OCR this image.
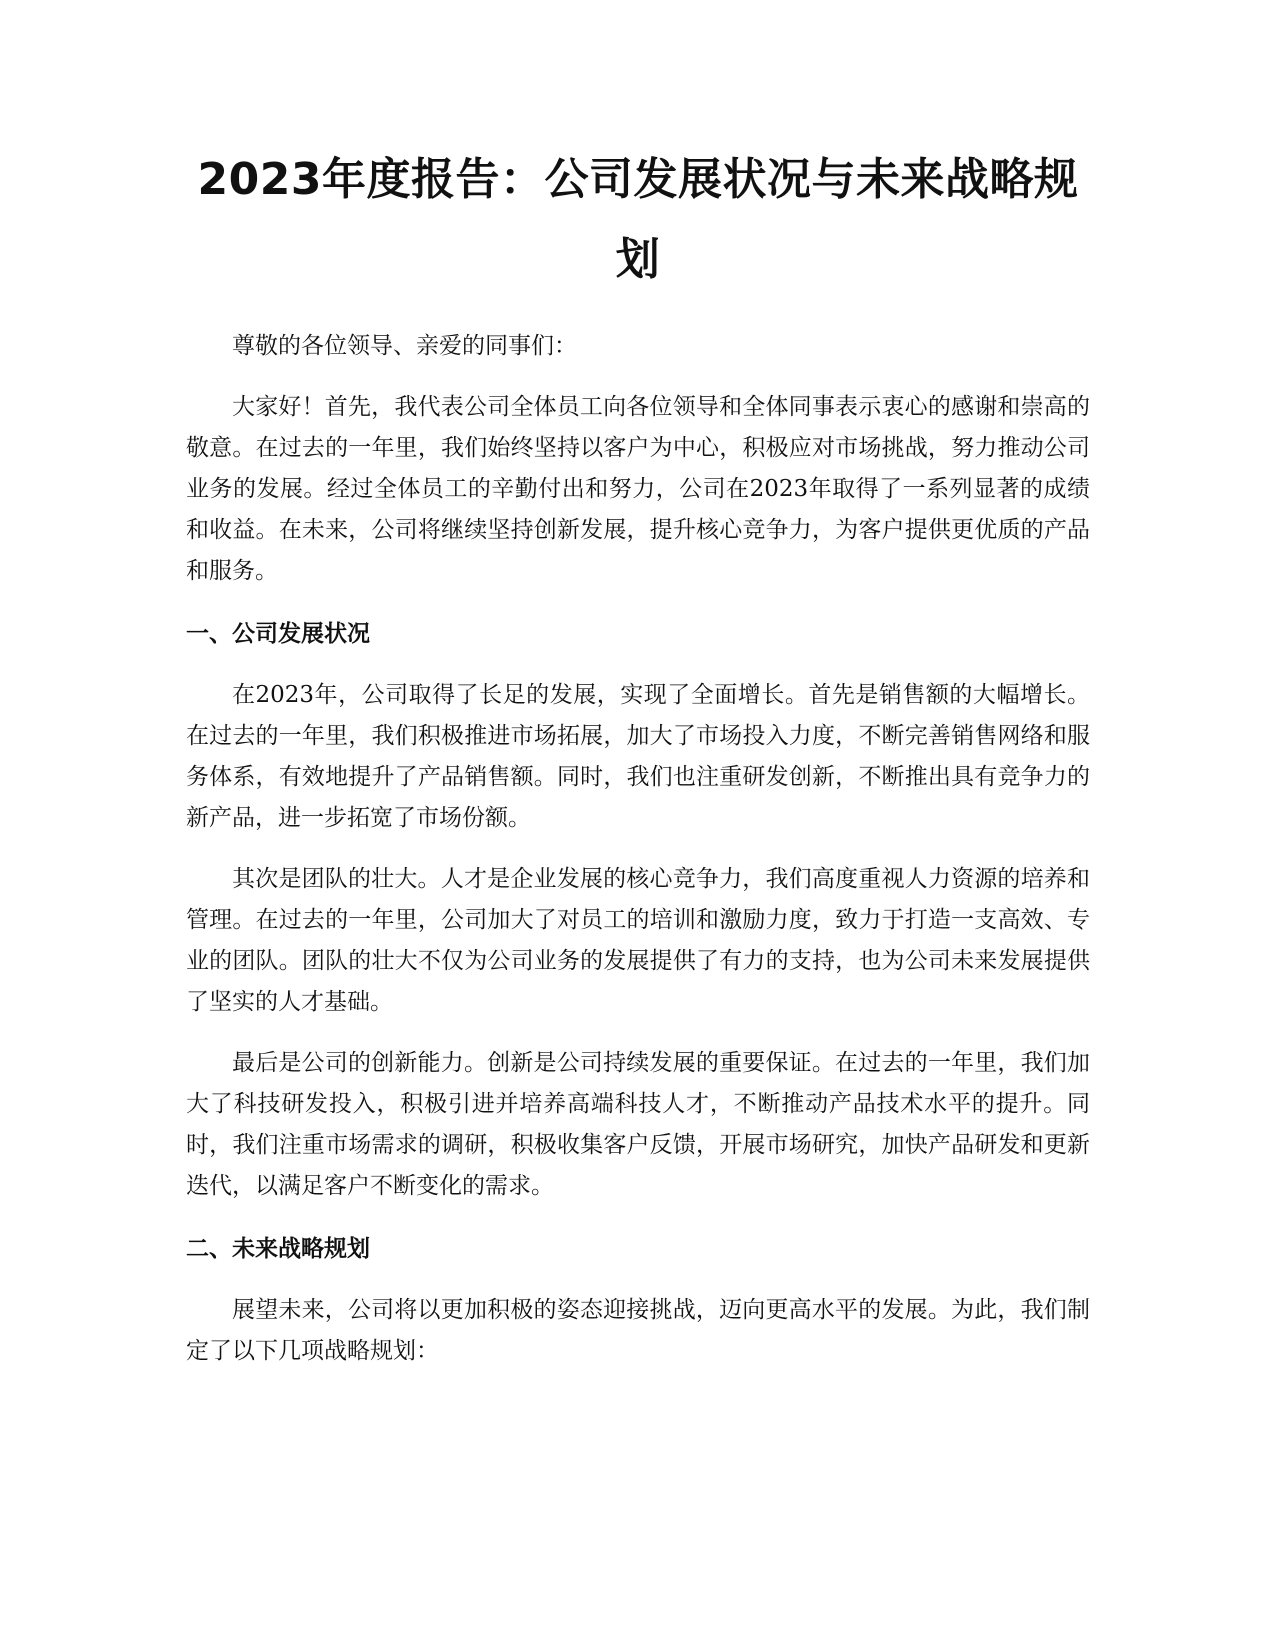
2023年度报告：公司发展状况与未来战略规划

尊敬的各位领导、亲爱的同事们：

大家好！首先，我代表公司全体员工向各位领导和全体同事表示衷心的感谢和崇高的敬意。在过去的一年里，我们始终坚持以客户为中心，积极应对市场挑战，努力推动公司业务的发展。经过全体员工的辛勤付出和努力，公司在2023年取得了一系列显著的成绩和收益。在未来，公司将继续坚持创新发展，提升核心竞争力，为客户提供更优质的产品和服务。

一、公司发展状况

在2023年，公司取得了长足的发展，实现了全面增长。首先是销售额的大幅增长。在过去的一年里，我们积极推进市场拓展，加大了市场投入力度，不断完善销售网络和服务体系，有效地提升了产品销售额。同时，我们也注重研发创新，不断推出具有竞争力的新产品，进一步拓宽了市场份额。

其次是团队的壮大。人才是企业发展的核心竞争力，我们高度重视人力资源的培养和管理。在过去的一年里，公司加大了对员工的培训和激励力度，致力于打造一支高效、专业的团队。团队的壮大不仅为公司业务的发展提供了有力的支持，也为公司未来发展提供了坚实的人才基础。

最后是公司的创新能力。创新是公司持续发展的重要保证。在过去的一年里，我们加大了科技研发投入，积极引进并培养高端科技人才，不断推动产品技术水平的提升。同时，我们注重市场需求的调研，积极收集客户反馈，开展市场研究，加快产品研发和更新迭代，以满足客户不断变化的需求。

二、未来战略规划

展望未来，公司将以更加积极的姿态迎接挑战，迈向更高水平的发展。为此，我们制定了以下几项战略规划：
